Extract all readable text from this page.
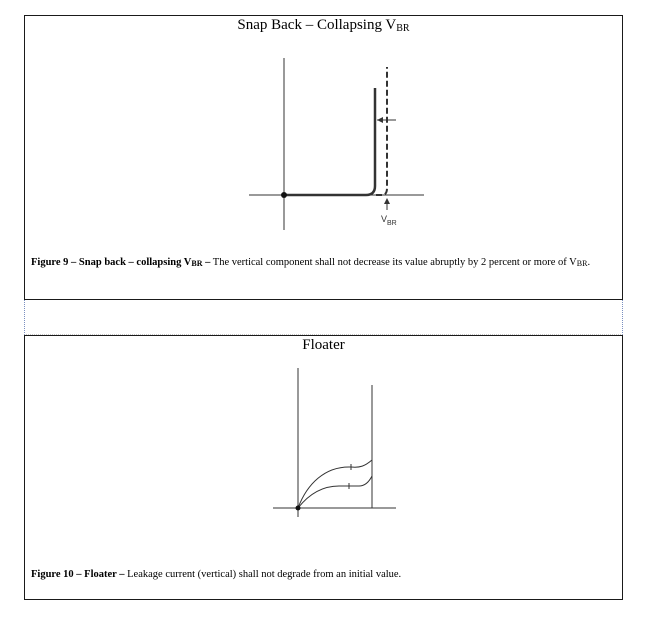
Snap Back – Collapsing $V_{BR}$
$V_{BR}$
Figure 9 – Snap back – collapsing $V_{BR}$ – The vertical component shall not decrease its value abruptly by 2 percent or more of $V_{BR}$.
Floater
Figure 10 – Floater – Leakage current (vertical) shall not degrade from an initial value.
